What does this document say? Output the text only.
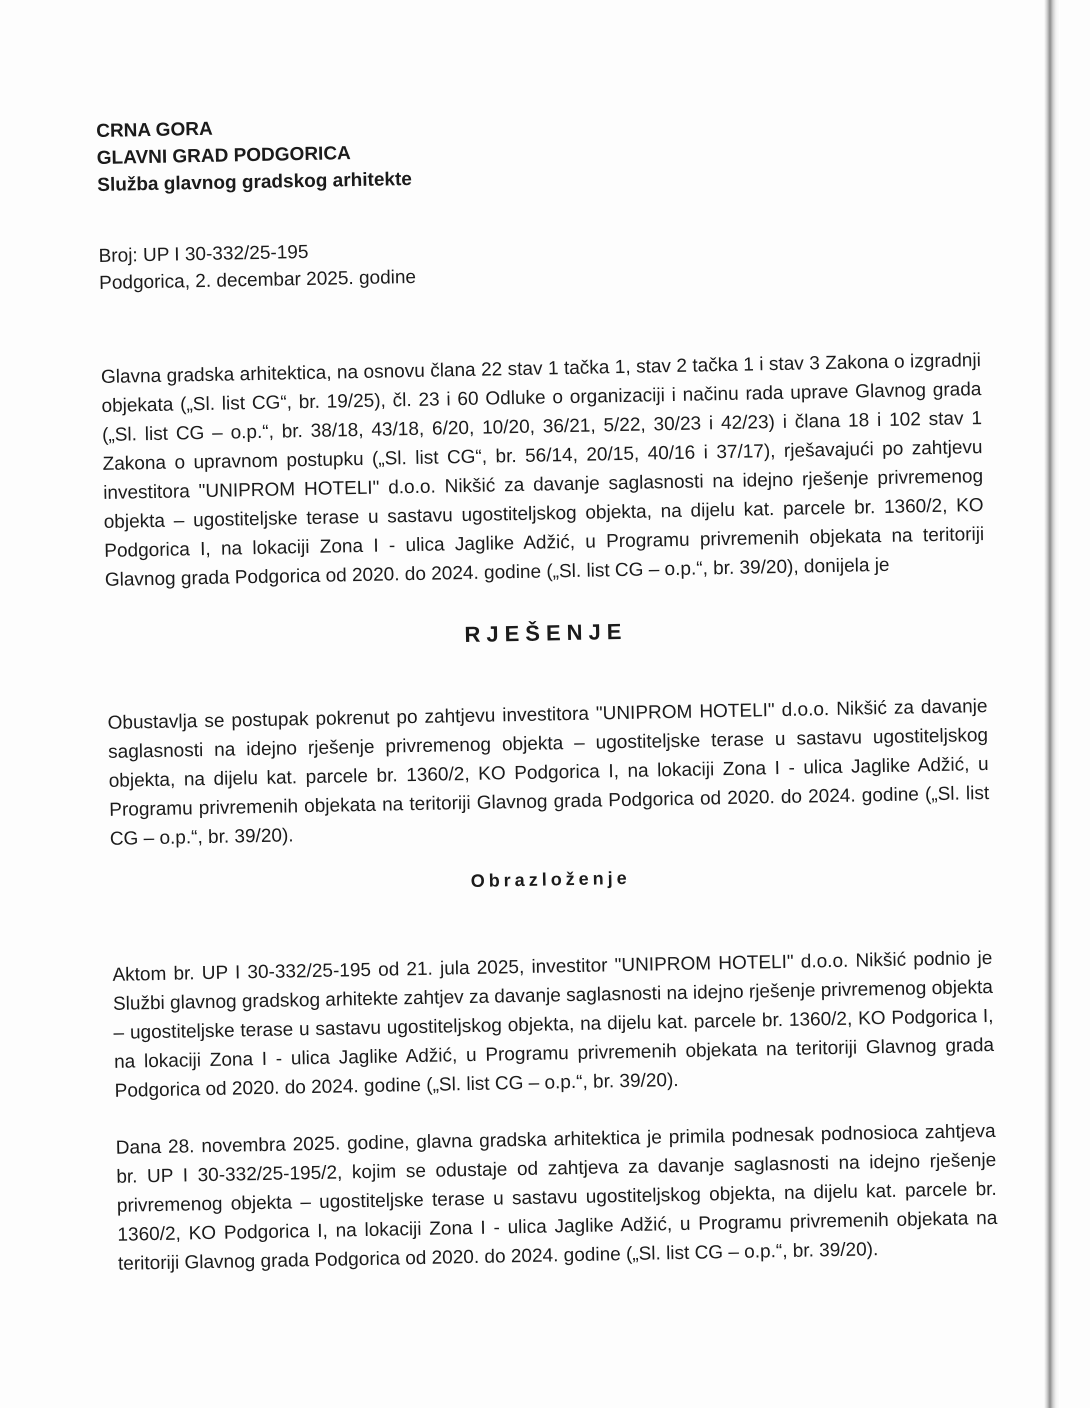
CRNA GORA

GLAVNI GRAD PODGORICA

Služba glavnog gradskog arhitekte

Broj: UP I 30-332/25-195
Podgorica, 2. decembar 2025. godine

Glavna gradska arhitektica, na osnovu člana 22 stav 1 tačka 1, stav 2 tačka 1 i stav 3 Zakona o izgradnji objekata („Sl. list CG“, br. 19/25), čl. 23 i 60 Odluke o organizaciji i načinu rada uprave Glavnog grada („Sl. list CG – o.p.“, br. 38/18, 43/18, 6/20, 10/20, 36/21, 5/22, 30/23 i 42/23) i člana 18 i 102 stav 1 Zakona o upravnom postupku („Sl. list CG“, br. 56/14, 20/15, 40/16 i 37/17), rješavajući po zahtjevu investitora "UNIPROM HOTELI" d.o.o. Nikšić za davanje saglasnosti na idejno rješenje privremenog objekta – ugostiteljske terase u sastavu ugostiteljskog objekta, na dijelu kat. parcele br. 1360/2, KO Podgorica I, na lokaciji Zona I - ulica Jaglike Adžić, u Programu privremenih objekata na teritoriji Glavnog grada Podgorica od 2020. do 2024. godine („Sl. list CG – o.p.“, br. 39/20), donijela je

RJEŠENJE

Obustavlja se postupak pokrenut po zahtjevu investitora "UNIPROM HOTELI" d.o.o. Nikšić za davanje saglasnosti na idejno rješenje privremenog objekta – ugostiteljske terase u sastavu ugostiteljskog objekta, na dijelu kat. parcele br. 1360/2, KO Podgorica I, na lokaciji Zona I - ulica Jaglike Adžić, u Programu privremenih objekata na teritoriji Glavnog grada Podgorica od 2020. do 2024. godine („Sl. list CG – o.p.“, br. 39/20).

Obrazloženje

Aktom br. UP I 30-332/25-195 od 21. jula 2025, investitor "UNIPROM HOTELI" d.o.o. Nikšić podnio je Službi glavnog gradskog arhitekte zahtjev za davanje saglasnosti na idejno rješenje privremenog objekta – ugostiteljske terase u sastavu ugostiteljskog objekta, na dijelu kat. parcele br. 1360/2, KO Podgorica I, na lokaciji Zona I - ulica Jaglike Adžić, u Programu privremenih objekata na teritoriji Glavnog grada Podgorica od 2020. do 2024. godine („Sl. list CG – o.p.“, br. 39/20).

Dana 28. novembra 2025. godine, glavna gradska arhitektica je primila podnesak podnosioca zahtjeva br. UP I 30-332/25-195/2, kojim se odustaje od zahtjeva za davanje saglasnosti na idejno rješenje privremenog objekta – ugostiteljske terase u sastavu ugostiteljskog objekta, na dijelu kat. parcele br. 1360/2, KO Podgorica I, na lokaciji Zona I - ulica Jaglike Adžić, u Programu privremenih objekata na teritoriji Glavnog grada Podgorica od 2020. do 2024. godine („Sl. list CG – o.p.“, br. 39/20).
